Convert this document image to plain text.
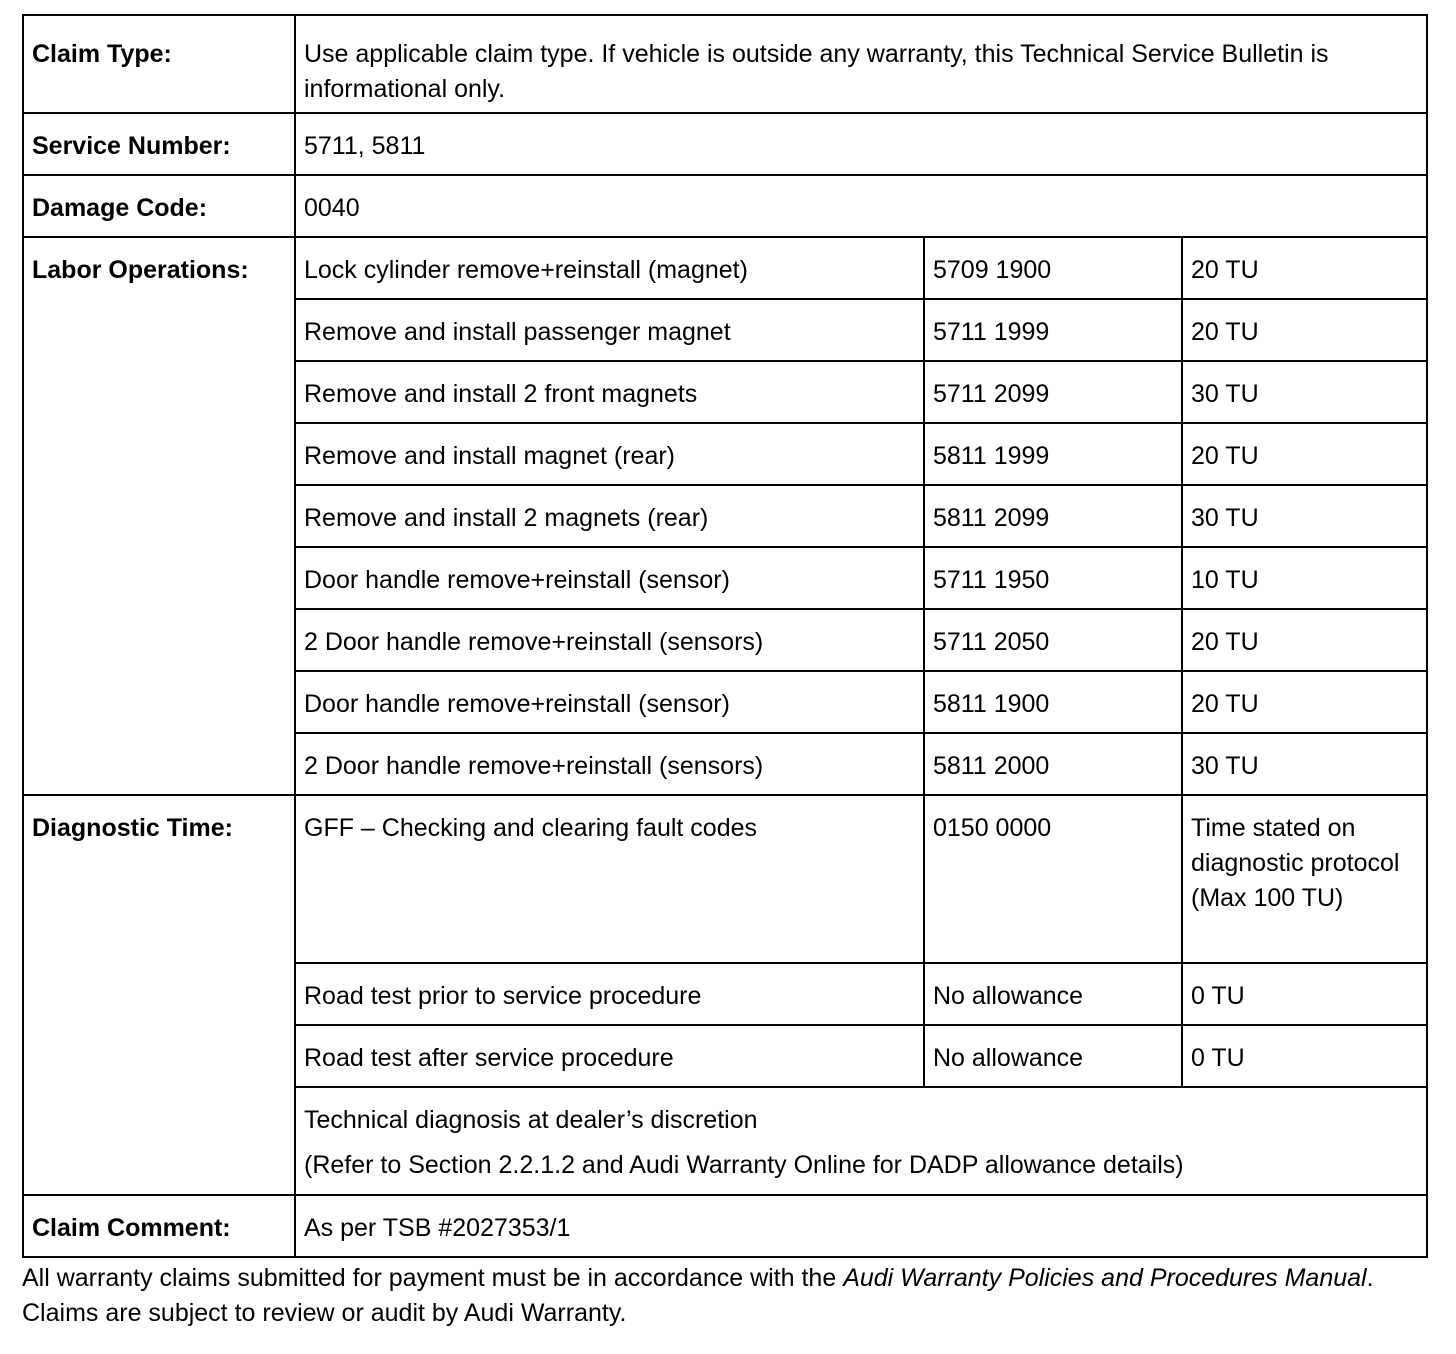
Claim Type:	Use applicable claim type. If vehicle is outside any warranty, this Technical Service Bulletin is informational only.		
Service Number:	5711, 5811		
Damage Code:	0040		
Labor Operations:	Lock cylinder remove+reinstall (magnet)	5709 1900	20 TU
	Remove and install passenger magnet	5711 1999	20 TU
	Remove and install 2 front magnets	5711 2099	30 TU
	Remove and install magnet (rear)	5811 1999	20 TU
	Remove and install 2 magnets (rear)	5811 2099	30 TU
	Door handle remove+reinstall (sensor)	5711 1950	10 TU
	2 Door handle remove+reinstall (sensors)	5711 2050	20 TU
	Door handle remove+reinstall (sensor)	5811 1900	20 TU
	2 Door handle remove+reinstall (sensors)	5811 2000	30 TU
Diagnostic Time:	GFF – Checking and clearing fault codes	0150 0000	Time stated on diagnostic protocol (Max 100 TU)
	Road test prior to service procedure	No allowance	0 TU
	Road test after service procedure	No allowance	0 TU

	Technical diagnosis at dealer’s discretion
(Refer to Section 2.2.1.2 and Audi Warranty Online for DADP allowance details)		

Claim Comment:	As per TSB #2027353/1		
All warranty claims submitted for payment must be in accordance with the Audi Warranty Policies and Procedures Manual. Claims are subject to review or audit by Audi Warranty.
